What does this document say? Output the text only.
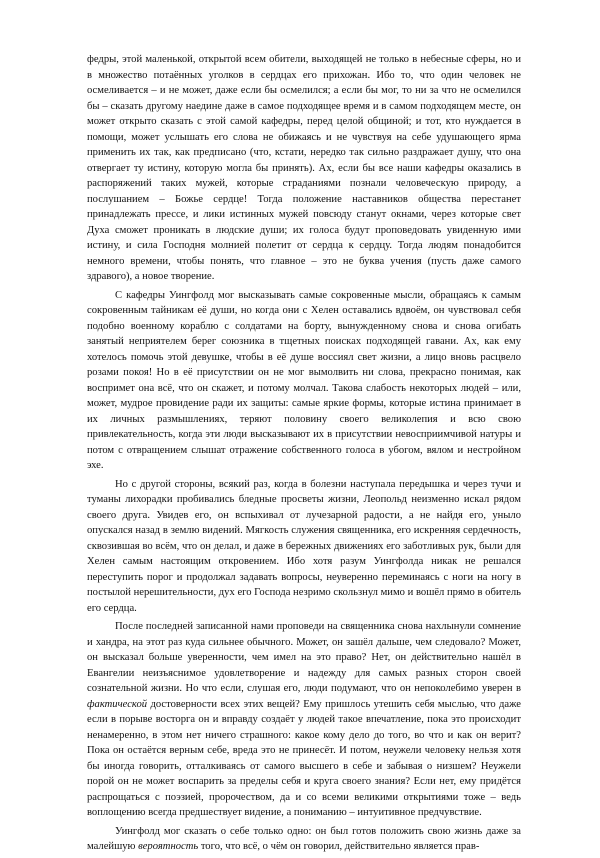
федры, этой маленькой, открытой всем обители, выходящей не только в небесные сферы, но и в множество потаённых уголков в сердцах его прихожан. Ибо то, что один человек не осмеливается – и не может, даже если бы осмелился; а если бы мог, то ни за что не осмелился бы – сказать другому наедине даже в самое подходящее время и в самом подходящем месте, он может открыто сказать с этой самой кафедры, перед целой общиной; и тот, кто нуждается в помощи, может услышать его слова не обижаясь и не чувствуя на себе удушающего ярма применить их так, как предписано (что, кстати, нередко так сильно раздражает душу, что она отвергает ту истину, которую могла бы принять). Ах, если бы все наши кафедры оказались в распоряжений таких мужей, которые страданиями познали человеческую природу, а послушанием – Божье сердце! Тогда положение наставников общества перестанет принадлежать прессе, и лики истинных мужей повсюду станут окнами, через которые свет Духа сможет проникать в людские души; их голоса будут проповедовать увиденную ими истину, и сила Господня молнией полетит от сердца к сердцу. Тогда людям понадобится немного времени, чтобы понять, что главное – это не буква учения (пусть даже самого здравого), а новое творение.

С кафедры Уингфолд мог высказывать самые сокровенные мысли, обращаясь к самым сокровенным тайникам её души, но когда они с Хелен оставались вдвоём, он чувствовал себя подобно военному кораблю с солдатами на борту, вынужденному снова и снова огибать занятый неприятелем берег союзника в тщетных поисках подходящей гавани. Ах, как ему хотелось помочь этой девушке, чтобы в её душе воссиял свет жизни, а лицо вновь расцвело розами покоя! Но в её присутствии он не мог вымолвить ни слова, прекрасно понимая, как воспримет она всё, что он скажет, и потому молчал. Такова слабость некоторых людей – или, может, мудрое провидение ради их защиты: самые яркие формы, которые истина принимает в их личных размышлениях, теряют половину своего великолепия и всю свою привлекательность, когда эти люди высказывают их в присутствии невосприимчивой натуры и потом с отвращением слышат отражение собственного голоса в убогом, вялом и нестройном эхе.

Но с другой стороны, всякий раз, когда в болезни наступала передышка и через тучи и туманы лихорадки пробивались бледные просветы жизни, Леопольд неизменно искал рядом своего друга. Увидев его, он вспыхивал от лучезарной радости, а не найдя его, уныло опускался назад в землю видений. Мягкость служения священника, его искренняя сердечность, сквозившая во всём, что он делал, и даже в бережных движениях его заботливых рук, были для Хелен самым настоящим откровением. Ибо хотя разум Уингфолда никак не решался переступить порог и продолжал задавать вопросы, неуверенно переминаясь с ноги на ногу в постылой нерешительности, дух его Господа незримо скользнул мимо и вошёл прямо в обитель его сердца.

После последней записанной нами проповеди на священника снова нахлынули сомнение и хандра, на этот раз куда сильнее обычного. Может, он зашёл дальше, чем следовало? Может, он высказал больше уверенности, чем имел на это право? Нет, он действительно нашёл в Евангелии неизъяснимое удовлетворение и надежду для самых разных сторон своей сознательной жизни. Но что если, слушая его, люди подумают, что он непоколебимо уверен в фактической достоверности всех этих вещей? Ему пришлось утешить себя мыслью, что даже если в порыве восторга он и вправду создаёт у людей такое впечатление, пока это происходит ненамеренно, в этом нет ничего страшного: какое кому дело до того, во что и как он верит? Пока он остаётся верным себе, вреда это не принесёт. И потом, неужели человеку нельзя хотя бы иногда говорить, отталкиваясь от самого высшего в себе и забывая о низшем? Неужели порой он не может воспарить за пределы себя и круга своего знания? Если нет, ему придётся распрощаться с поэзией, пророчеством, да и со всеми великими открытиями тоже – ведь воплощению всегда предшествует видение, а пониманию – интуитивное предчувствие.

Уингфолд мог сказать о себе только одно: он был готов положить свою жизнь даже за малейшую вероятность того, что всё, о чём он говорил, действительно является прав-
